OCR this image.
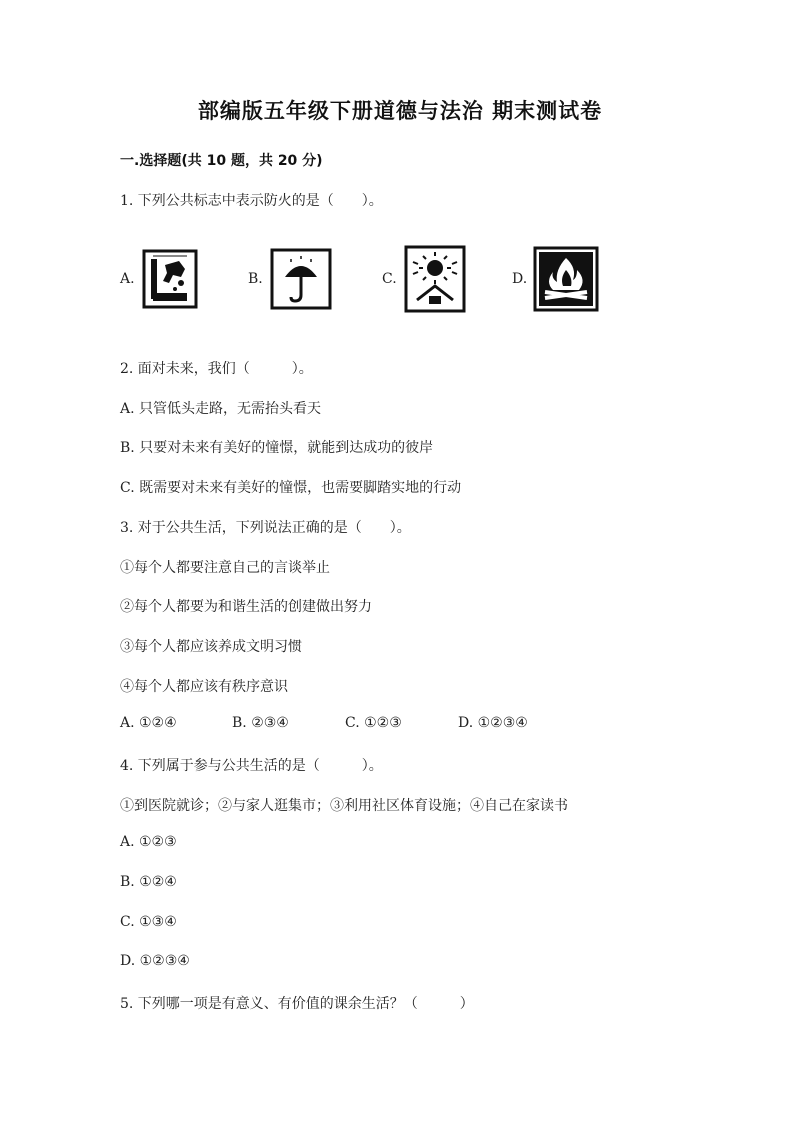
部编版五年级下册道德与法治 期末测试卷
一.选择题(共 10 题，共 20 分)
1. 下列公共标志中表示防火的是（　　）。
A.	B.	C.	D.
2. 面对未来，我们（　　　）。
A. 只管低头走路，无需抬头看天
B. 只要对未来有美好的憧憬，就能到达成功的彼岸
C. 既需要对未来有美好的憧憬，也需要脚踏实地的行动
3. 对于公共生活，下列说法正确的是（　　）。
①每个人都要注意自己的言谈举止
②每个人都要为和谐生活的创建做出努力
③每个人都应该养成文明习惯
④每个人都应该有秩序意识
A. ①②④	B. ②③④	C. ①②③	D. ①②③④
4. 下列属于参与公共生活的是（　　　）。
①到医院就诊；②与家人逛集市；③利用社区体育设施；④自己在家读书
A. ①②③
B. ①②④
C. ①③④
D. ①②③④
5. 下列哪一项是有意义、有价值的课余生活？（　　　）
